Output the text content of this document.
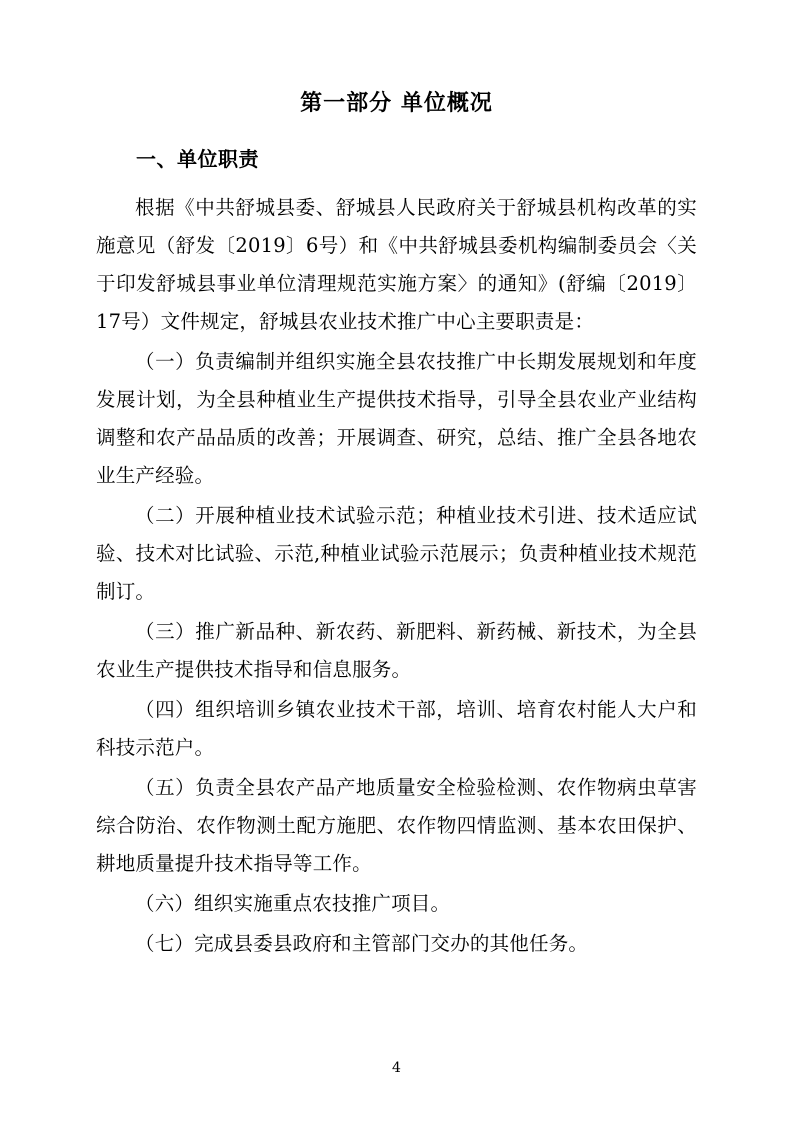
第一部分 单位概况
一、单位职责

根据《中共舒城县委、舒城县人民政府关于舒城县机构改革的实施意见（舒发〔2019〕6号）和《中共舒城县委机构编制委员会〈关于印发舒城县事业单位清理规范实施方案〉的通知》(舒编〔2019〕17号）文件规定，舒城县农业技术推广中心主要职责是：

（一）负责编制并组织实施全县农技推广中长期发展规划和年度发展计划，为全县种植业生产提供技术指导，引导全县农业产业结构调整和农产品品质的改善；开展调查、研究，总结、推广全县各地农业生产经验。

（二）开展种植业技术试验示范；种植业技术引进、技术适应试验、技术对比试验、示范,种植业试验示范展示；负责种植业技术规范制订。

（三）推广新品种、新农药、新肥料、新药械、新技术，为全县农业生产提供技术指导和信息服务。

（四）组织培训乡镇农业技术干部，培训、培育农村能人大户和科技示范户。

（五）负责全县农产品产地质量安全检验检测、农作物病虫草害综合防治、农作物测土配方施肥、农作物四情监测、基本农田保护、耕地质量提升技术指导等工作。

（六）组织实施重点农技推广项目。

（七）完成县委县政府和主管部门交办的其他任务。

4
